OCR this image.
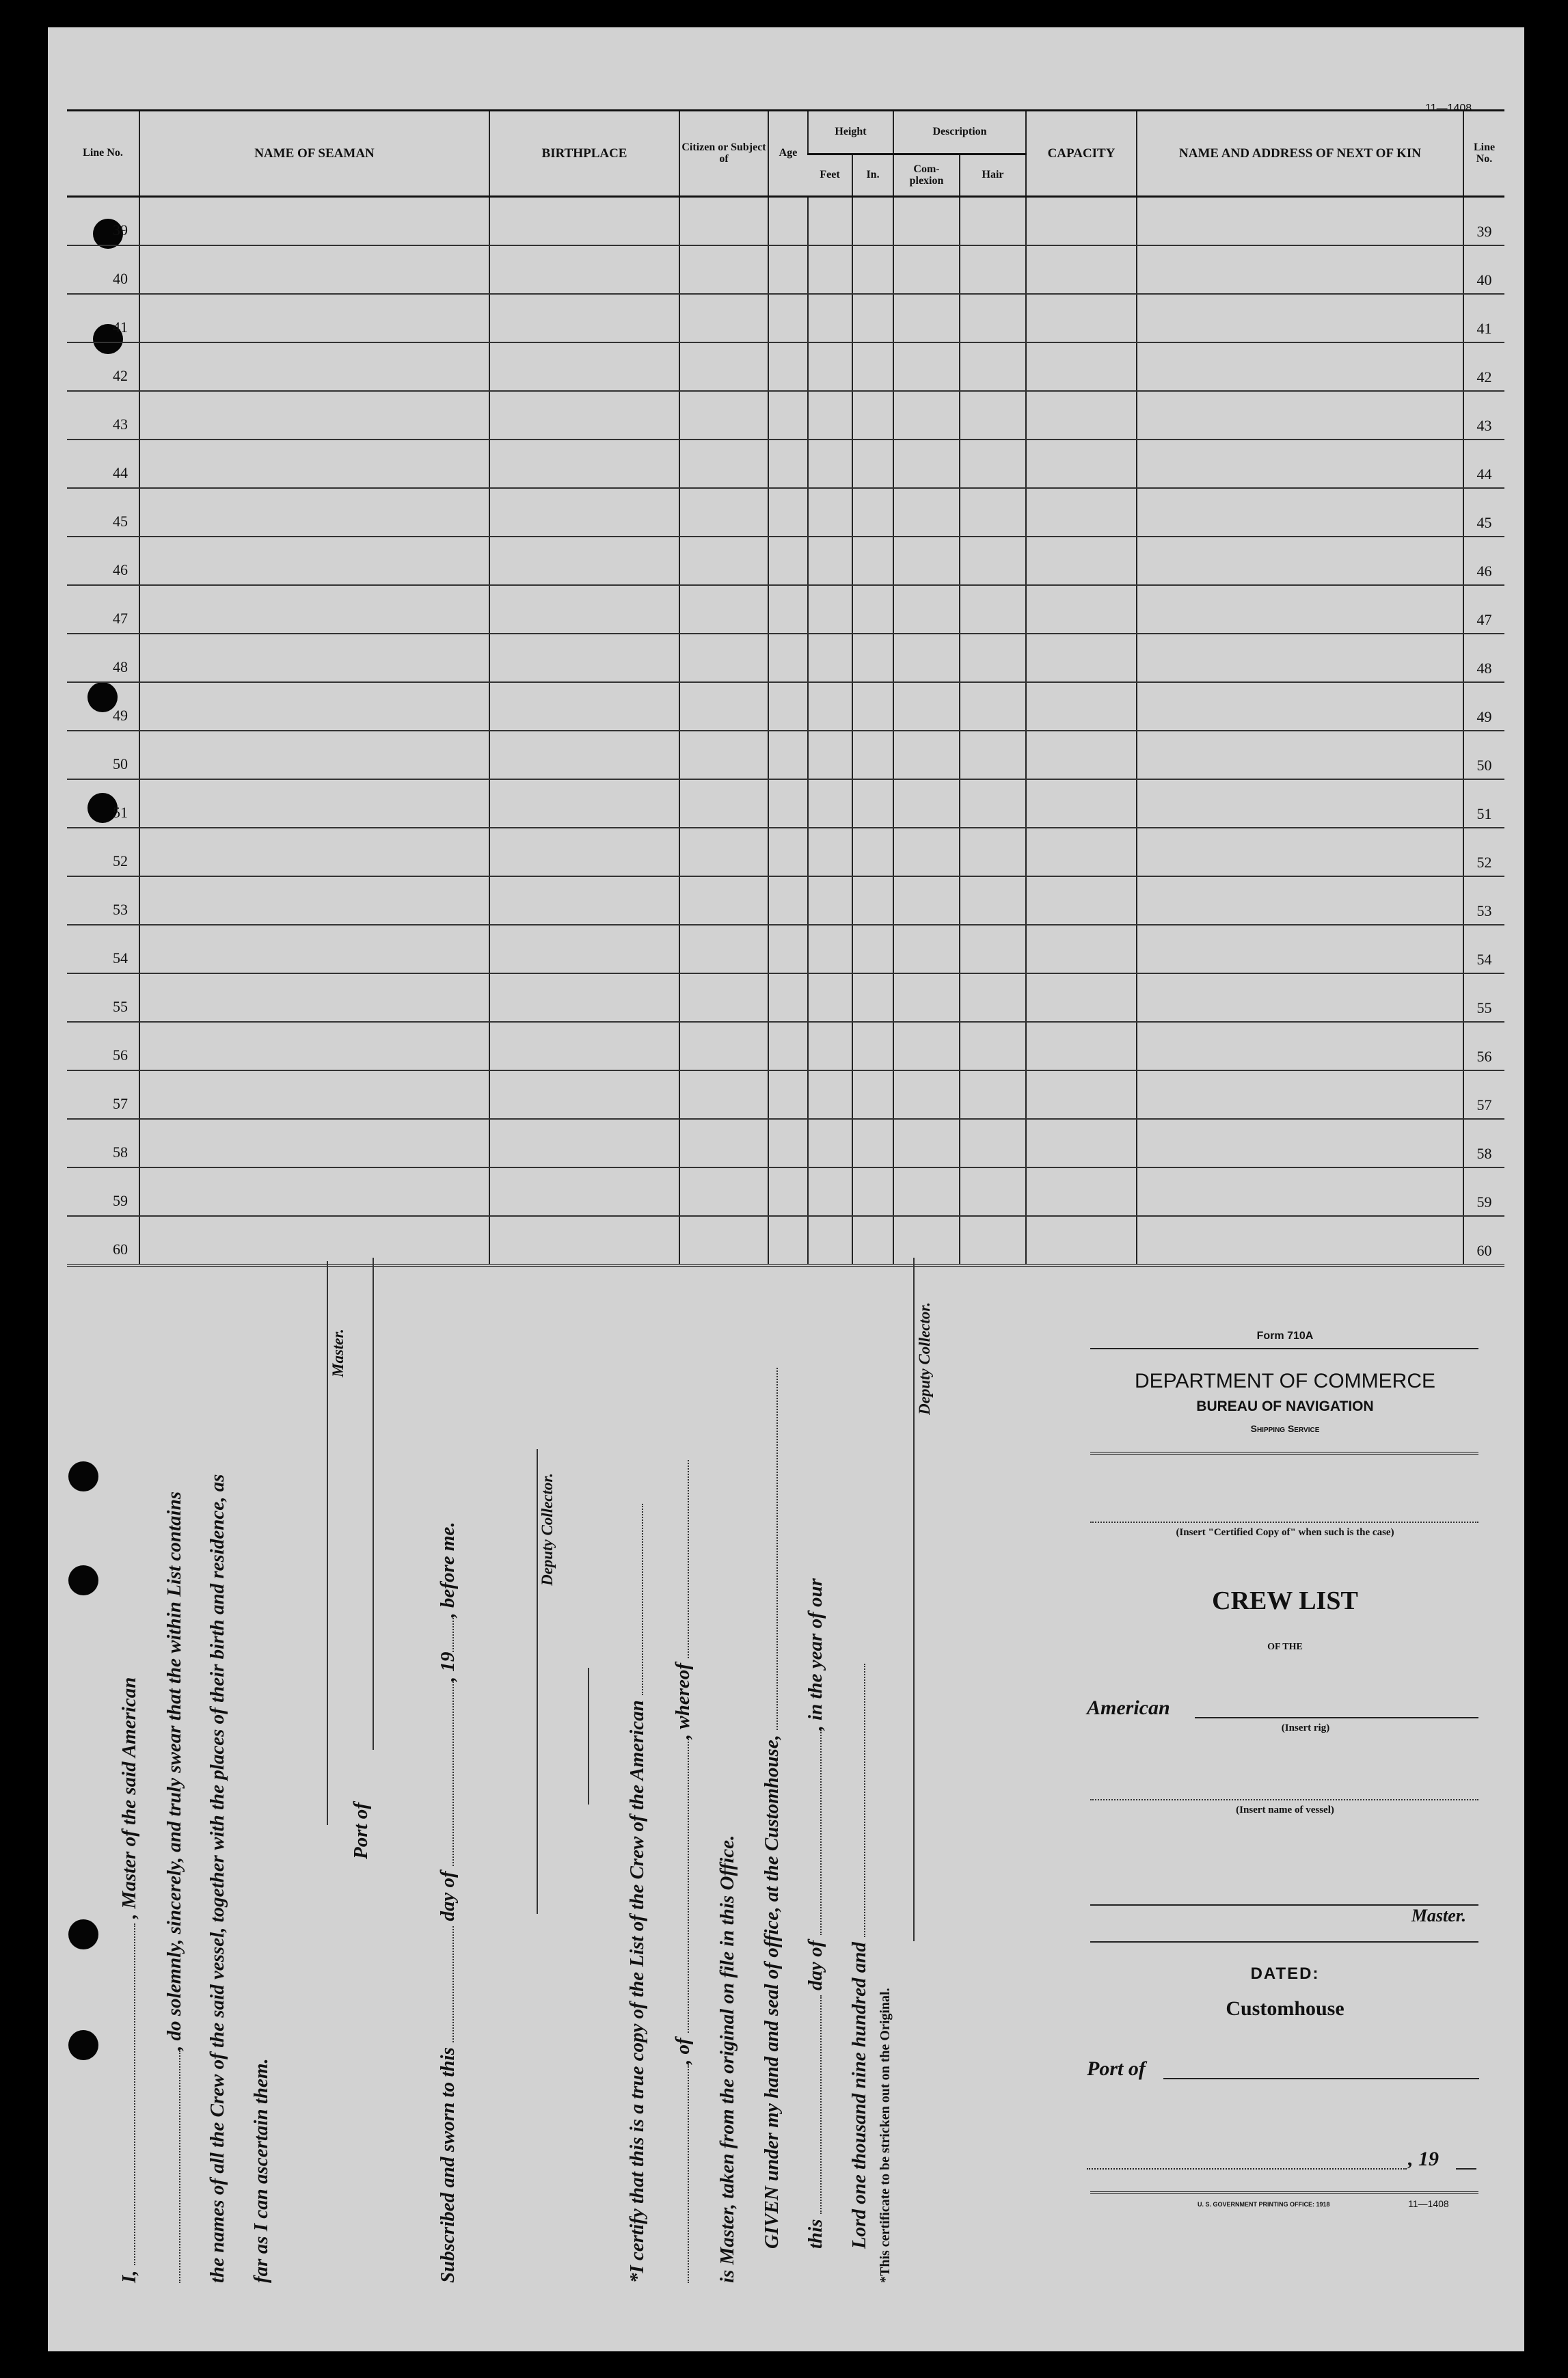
11—1408
Line No.	NAME OF SEAMAN	BIRTHPLACE	Citizen or Subject of	Age	Height		Description		CAPACITY	NAME AND ADDRESS OF NEXT OF KIN	Line No.
					Feet	In.	Com- plexion	Hair			
39											39
40											40
41											41
42											42
43											43
44											44
45											45
46											46
47											47
48											48
49											49
50											50
51											51
52											52
53											53
54											54
55											55
56											56
57											57
58											58
59											59
60											60
I,  , Master of the said American , do solemnly, sincerely, and truly swear that the within List contains the names of all the Crew of the said vessel, together with the places of their birth and residence, as far as I can ascertain them.
Master.
Port of
Subscribed and sworn to this  day of , 19, before me.	Deputy Collector.
*I certify that this is a true copy of the List of the Crew of the American , of , whereof
is Master, taken from the original on file in this Office. GIVEN under my hand and seal of office, at the Customhouse, this  day of , in the year of our
Lord one thousand nine hundred and
Deputy Collector.
*This certificate to be stricken out on the Original.
Form 710A
DEPARTMENT OF COMMERCE
BUREAU OF NAVIGATION
Shipping Service
(Insert "Certified Copy of" when such is the case)
CREW LIST
OF THE
American
(Insert rig)
(Insert name of vessel)
Master.
DATED:
Customhouse
Port of
, 19
U. S. GOVERNMENT PRINTING OFFICE: 1918	11—1408
